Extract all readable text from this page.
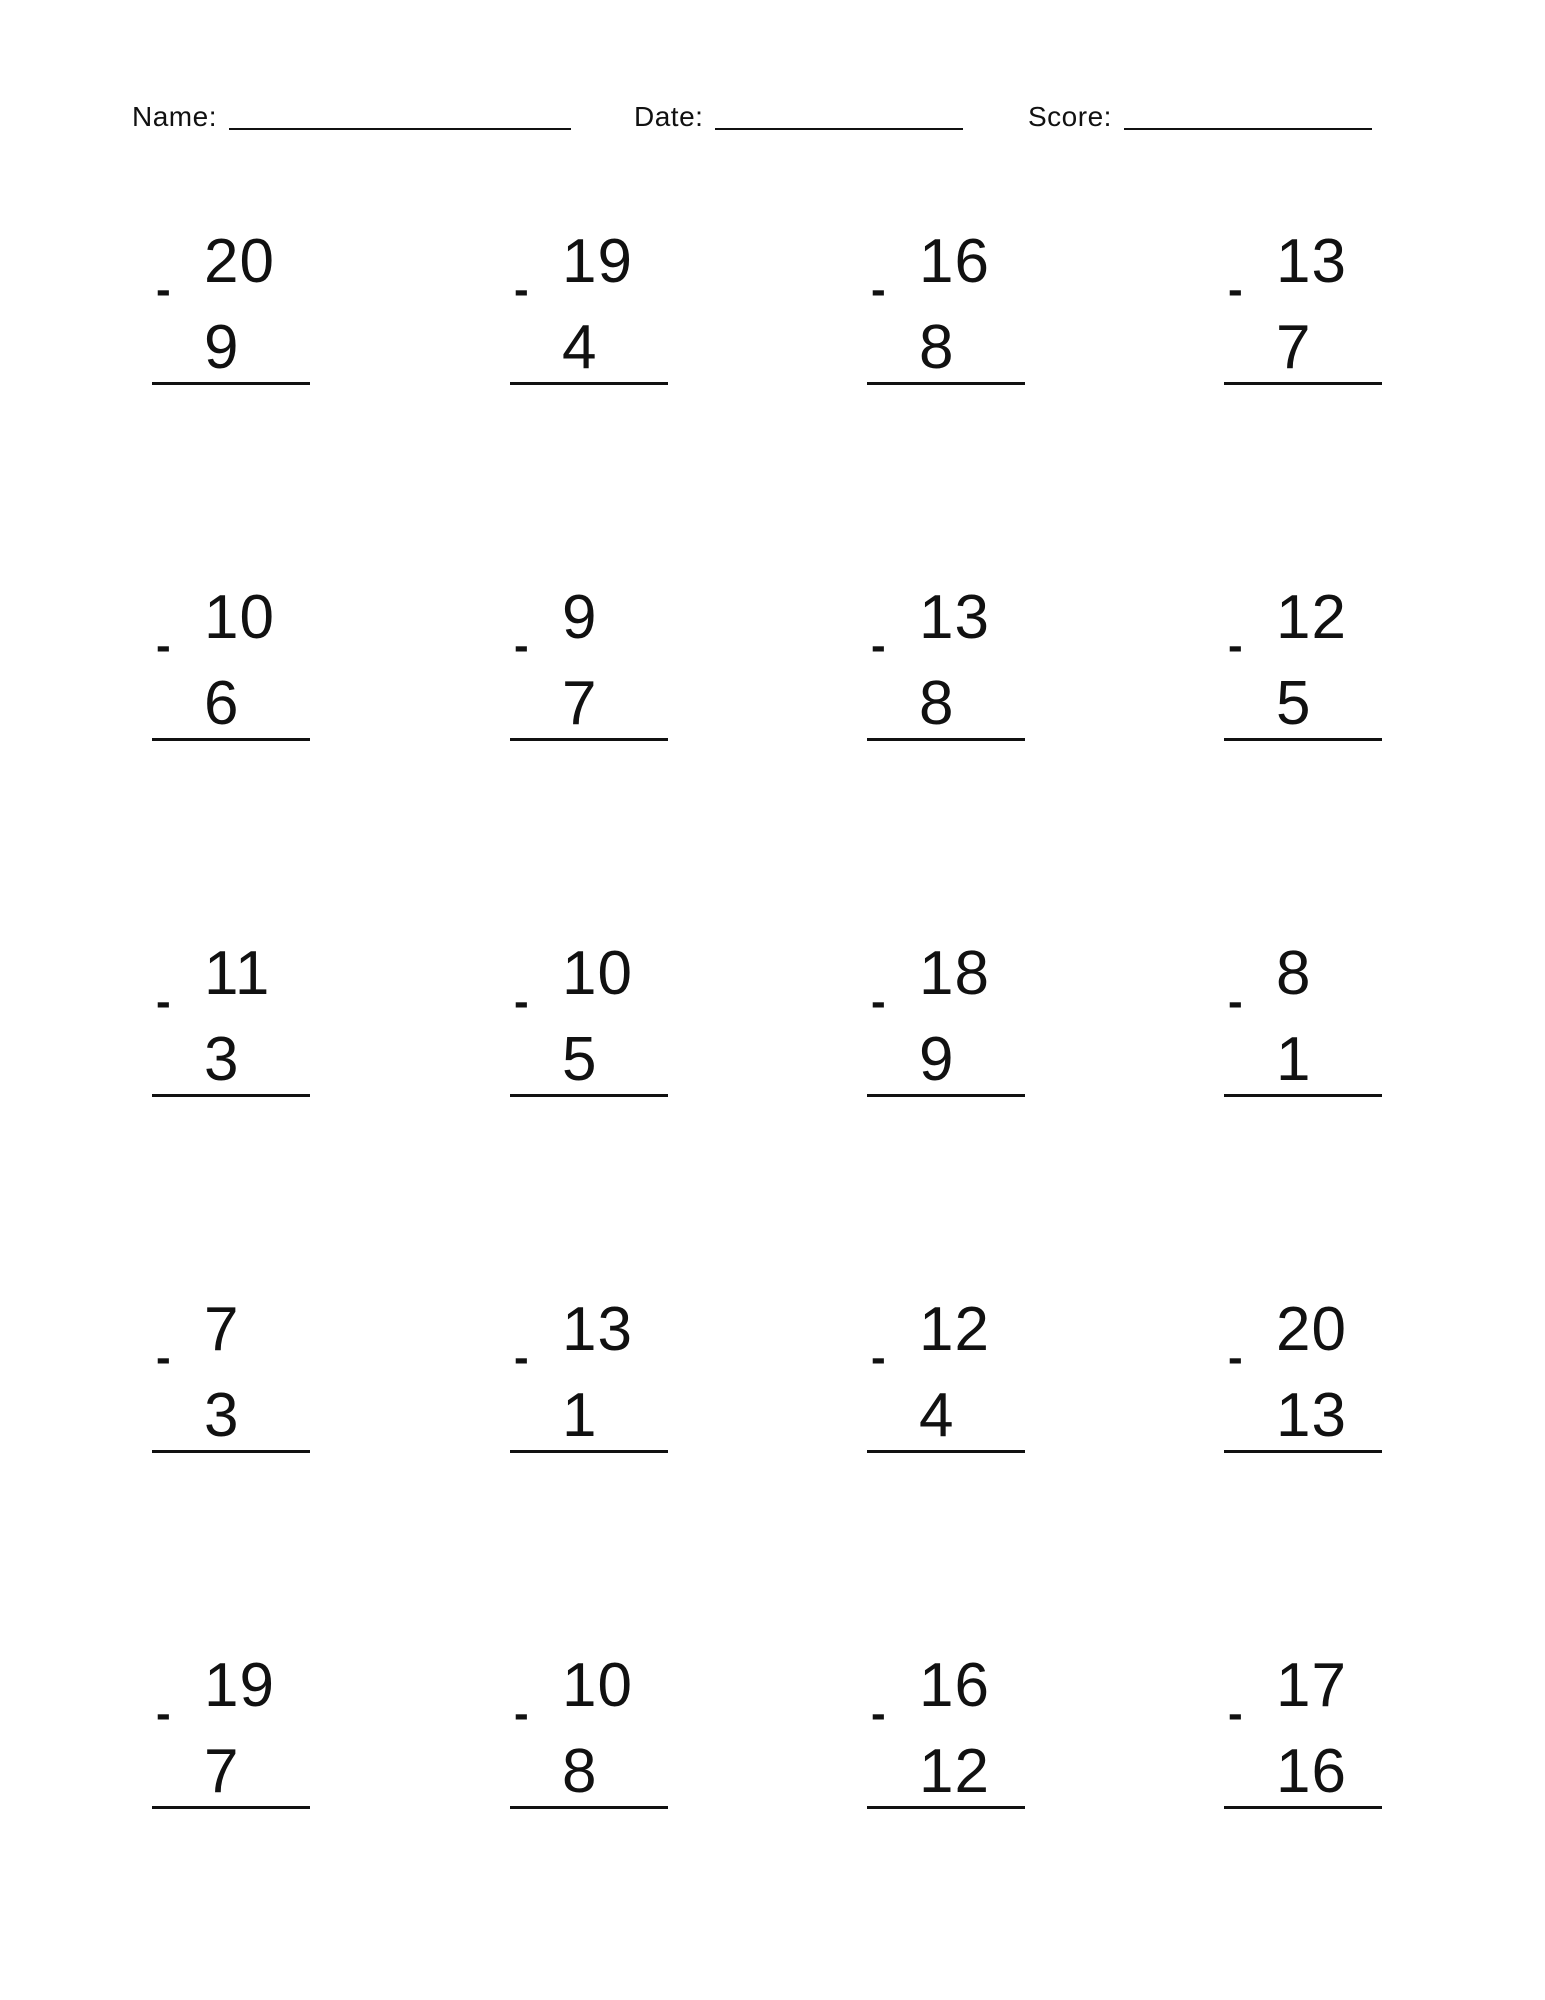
Name:	Date:	Score:
20
-
9
19
-
4
16
-
8
13
-
7
10
-
6
9
-
7
13
-
8
12
-
5
11
-
3
10
-
5
18
-
9
8
-
1
7
-
3
13
-
1
12
-
4
20
-
13
19
-
7
10
-
8
16
-
12
17
-
16
